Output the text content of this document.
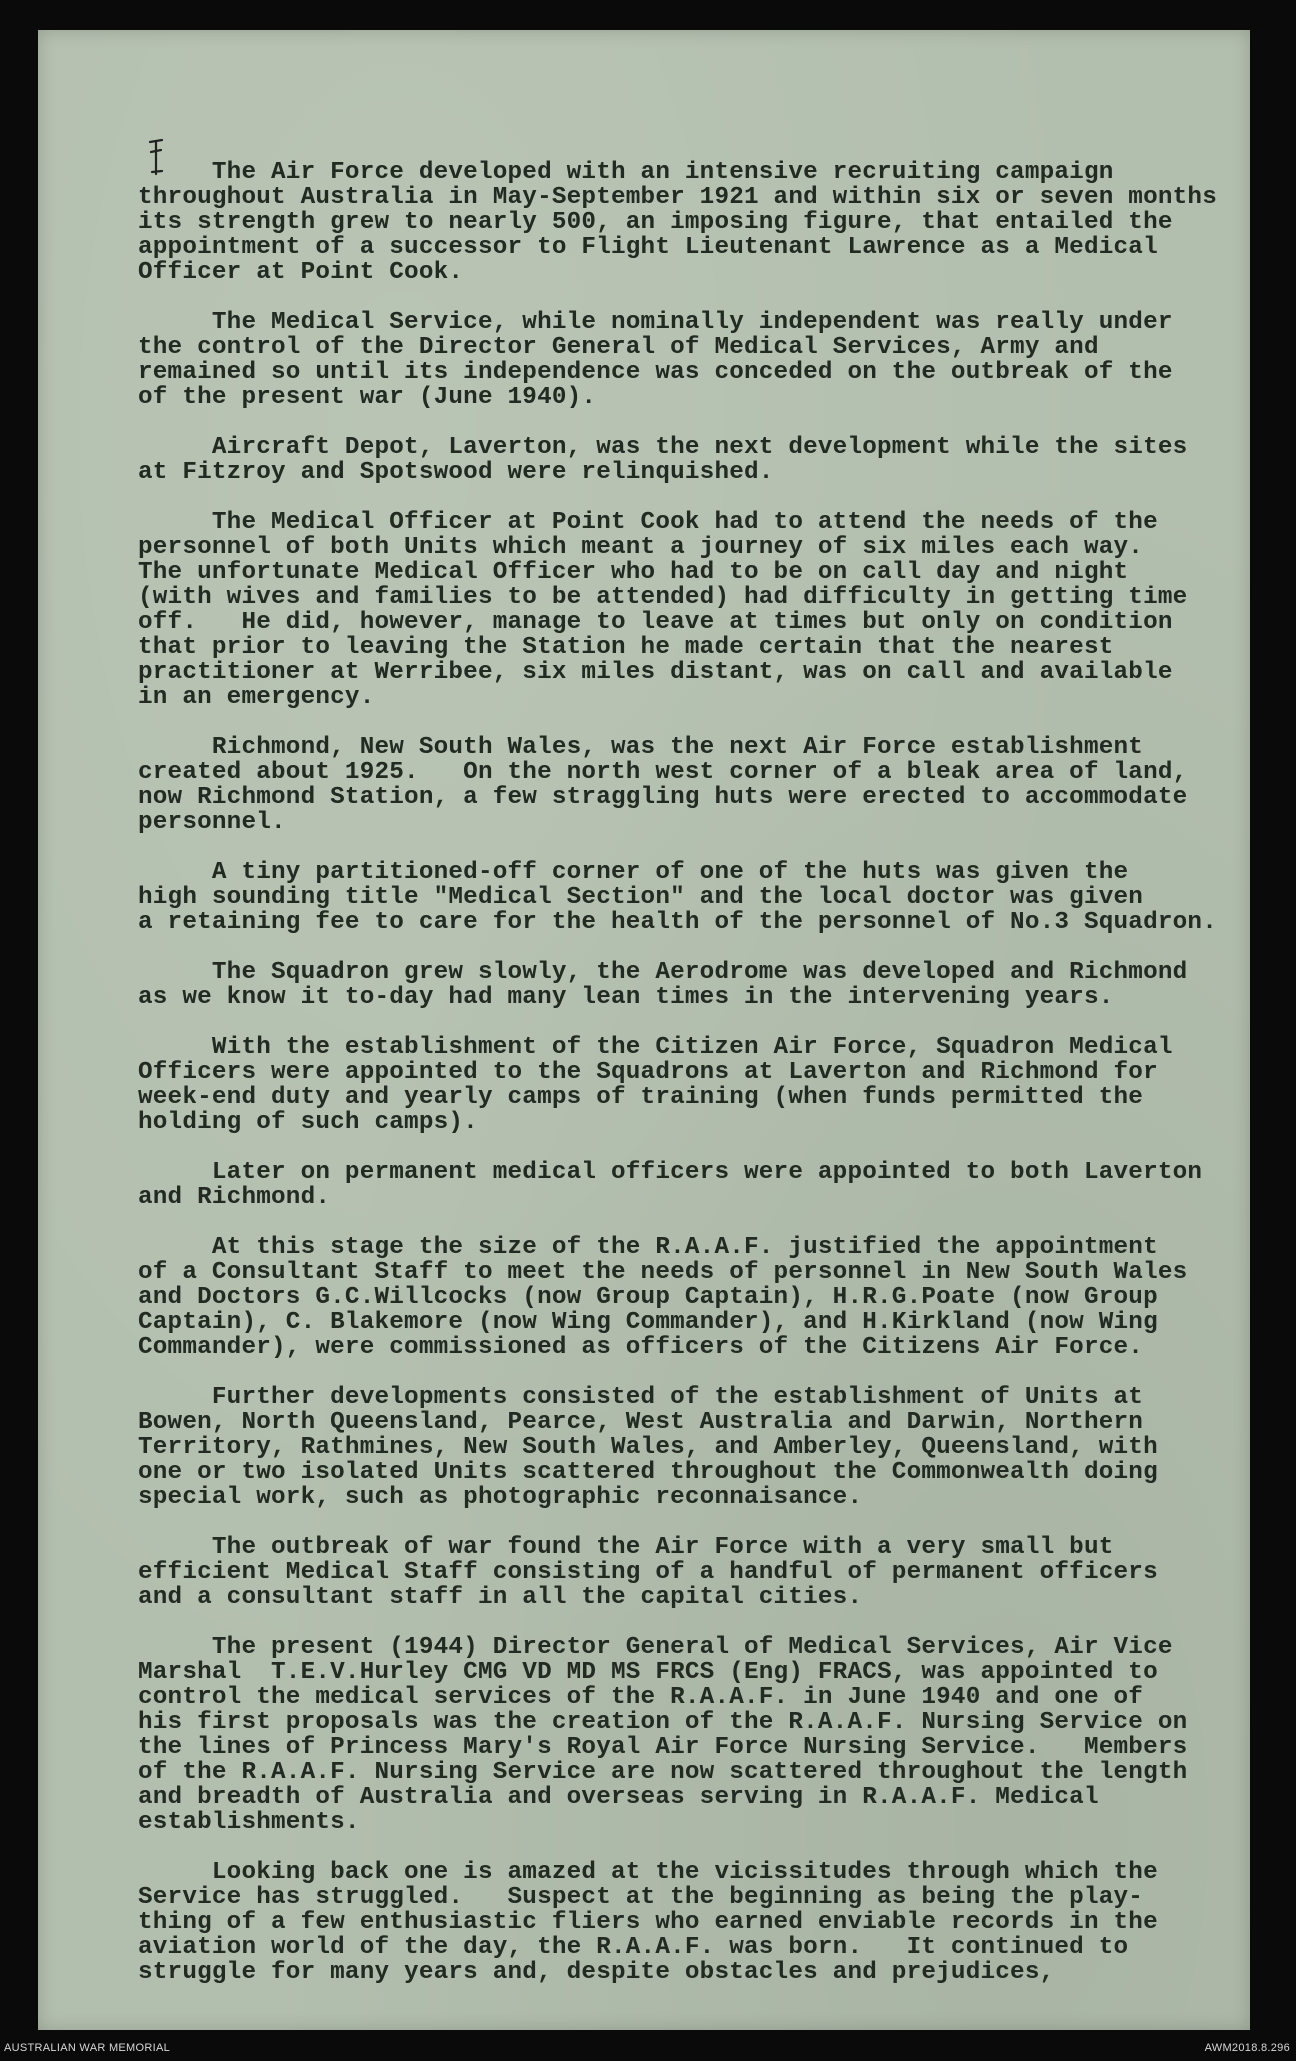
The Air Force developed with an intensive recruiting campaign
throughout Australia in May-September 1921 and within six or seven months
its strength grew to nearly 500, an imposing figure, that entailed the
appointment of a successor to Flight Lieutenant Lawrence as a Medical
Officer at Point Cook.
The Medical Service, while nominally independent was really under
the control of the Director General of Medical Services, Army and
remained so until its independence was conceded on the outbreak of the
of the present war (June 1940).
Aircraft Depot, Laverton, was the next development while the sites
at Fitzroy and Spotswood were relinquished.
The Medical Officer at Point Cook had to attend the needs of the
personnel of both Units which meant a journey of six miles each way.
The unfortunate Medical Officer who had to be on call day and night
(with wives and families to be attended) had difficulty in getting time
off.   He did, however, manage to leave at times but only on condition
that prior to leaving the Station he made certain that the nearest
practitioner at Werribee, six miles distant, was on call and available
in an emergency.
Richmond, New South Wales, was the next Air Force establishment
created about 1925.   On the north west corner of a bleak area of land,
now Richmond Station, a few straggling huts were erected to accommodate
personnel.
A tiny partitioned-off corner of one of the huts was given the
high sounding title "Medical Section" and the local doctor was given
a retaining fee to care for the health of the personnel of No.3 Squadron.
The Squadron grew slowly, the Aerodrome was developed and Richmond
as we know it to-day had many lean times in the intervening years.
With the establishment of the Citizen Air Force, Squadron Medical
Officers were appointed to the Squadrons at Laverton and Richmond for
week-end duty and yearly camps of training (when funds permitted the
holding of such camps).
Later on permanent medical officers were appointed to both Laverton
and Richmond.
At this stage the size of the R.A.A.F. justified the appointment
of a Consultant Staff to meet the needs of personnel in New South Wales
and Doctors G.C.Willcocks (now Group Captain), H.R.G.Poate (now Group
Captain), C. Blakemore (now Wing Commander), and H.Kirkland (now Wing
Commander), were commissioned as officers of the Citizens Air Force.
Further developments consisted of the establishment of Units at
Bowen, North Queensland, Pearce, West Australia and Darwin, Northern
Territory, Rathmines, New South Wales, and Amberley, Queensland, with
one or two isolated Units scattered throughout the Commonwealth doing
special work, such as photographic reconnaisance.
The outbreak of war found the Air Force with a very small but
efficient Medical Staff consisting of a handful of permanent officers
and a consultant staff in all the capital cities.
The present (1944) Director General of Medical Services, Air Vice
Marshal  T.E.V.Hurley CMG VD MD MS FRCS (Eng) FRACS, was appointed to
control the medical services of the R.A.A.F. in June 1940 and one of
his first proposals was the creation of the R.A.A.F. Nursing Service on
the lines of Princess Mary's Royal Air Force Nursing Service.   Members
of the R.A.A.F. Nursing Service are now scattered throughout the length
and breadth of Australia and overseas serving in R.A.A.F. Medical
establishments.
Looking back one is amazed at the vicissitudes through which the
Service has struggled.   Suspect at the beginning as being the play-
thing of a few enthusiastic fliers who earned enviable records in the
aviation world of the day, the R.A.A.F. was born.   It continued to
struggle for many years and, despite obstacles and prejudices,
AUSTRALIAN WAR MEMORIAL	AWM2018.8.296
